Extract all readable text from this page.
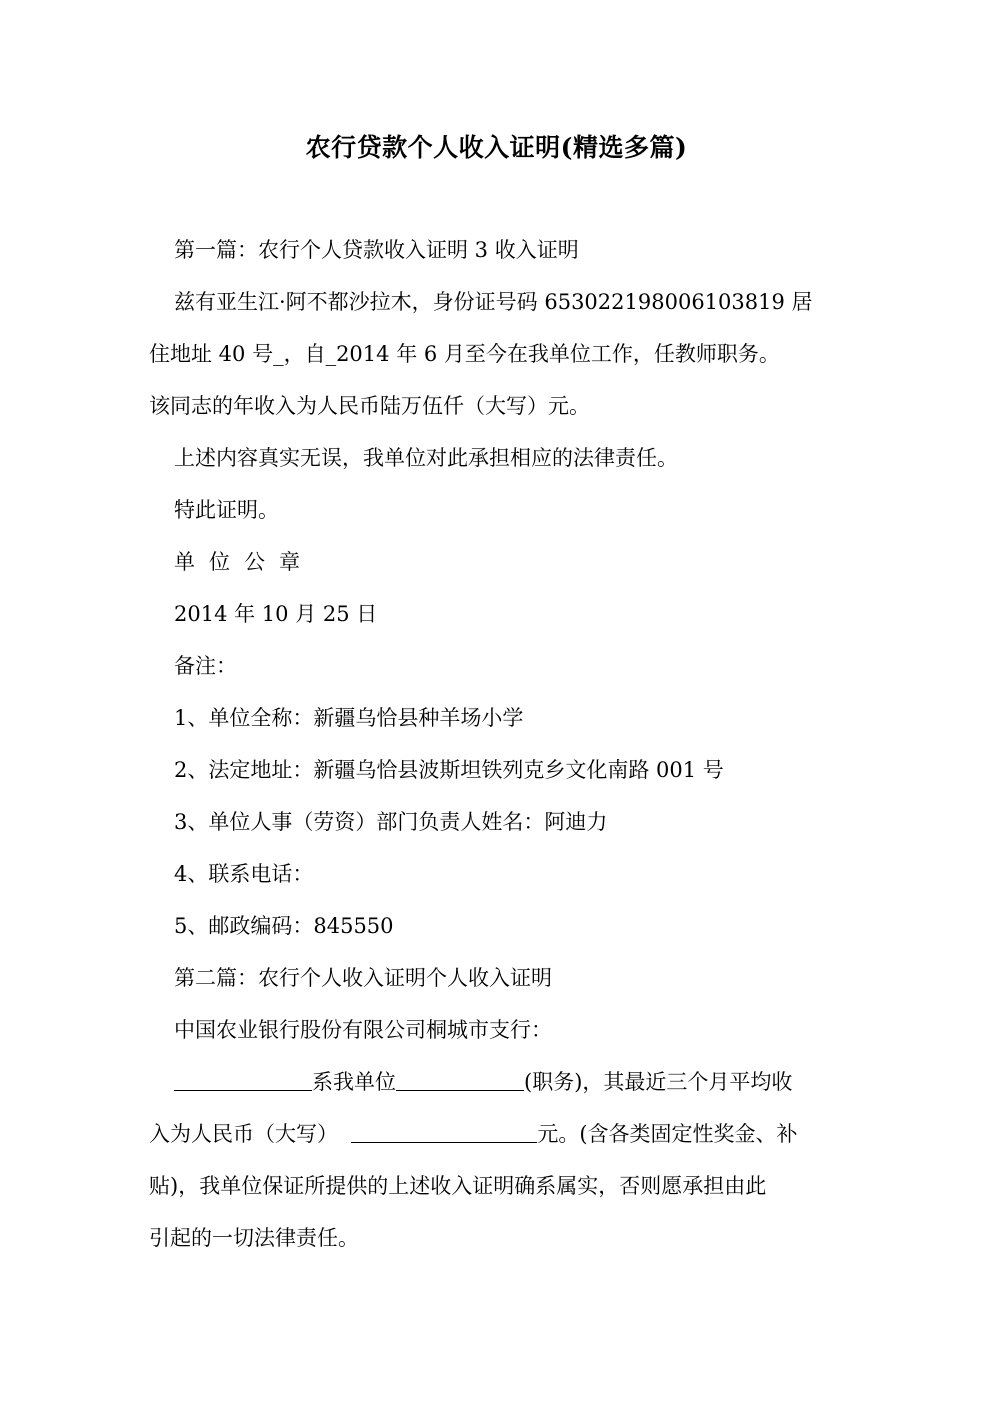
农行贷款个人收入证明(精选多篇)
第一篇：农行个人贷款收入证明 3 收入证明
兹有亚生江·阿不都沙拉木，身份证号码 653022198006103819 居
住地址 40 号_，自_2014 年 6 月至今在我单位工作，任教师职务。
该同志的年收入为人民币陆万伍仟（大写）元。
上述内容真实无误，我单位对此承担相应的法律责任。
特此证明。
单位公章
2014 年 10 月 25 日
备注：
1、单位全称：新疆乌恰县种羊场小学
2、法定地址：新疆乌恰县波斯坦铁列克乡文化南路 001 号
3、单位人事（劳资）部门负责人姓名：阿迪力
4、联系电话：
5、邮政编码：845550
第二篇：农行个人收入证明个人收入证明
中国农业银行股份有限公司桐城市支行：
系我单位	(职务)，其最近三个月平均收
入为人民币（大写）	元。(含各类固定性奖金、补
贴)，我单位保证所提供的上述收入证明确系属实，否则愿承担由此
引起的一切法律责任。
